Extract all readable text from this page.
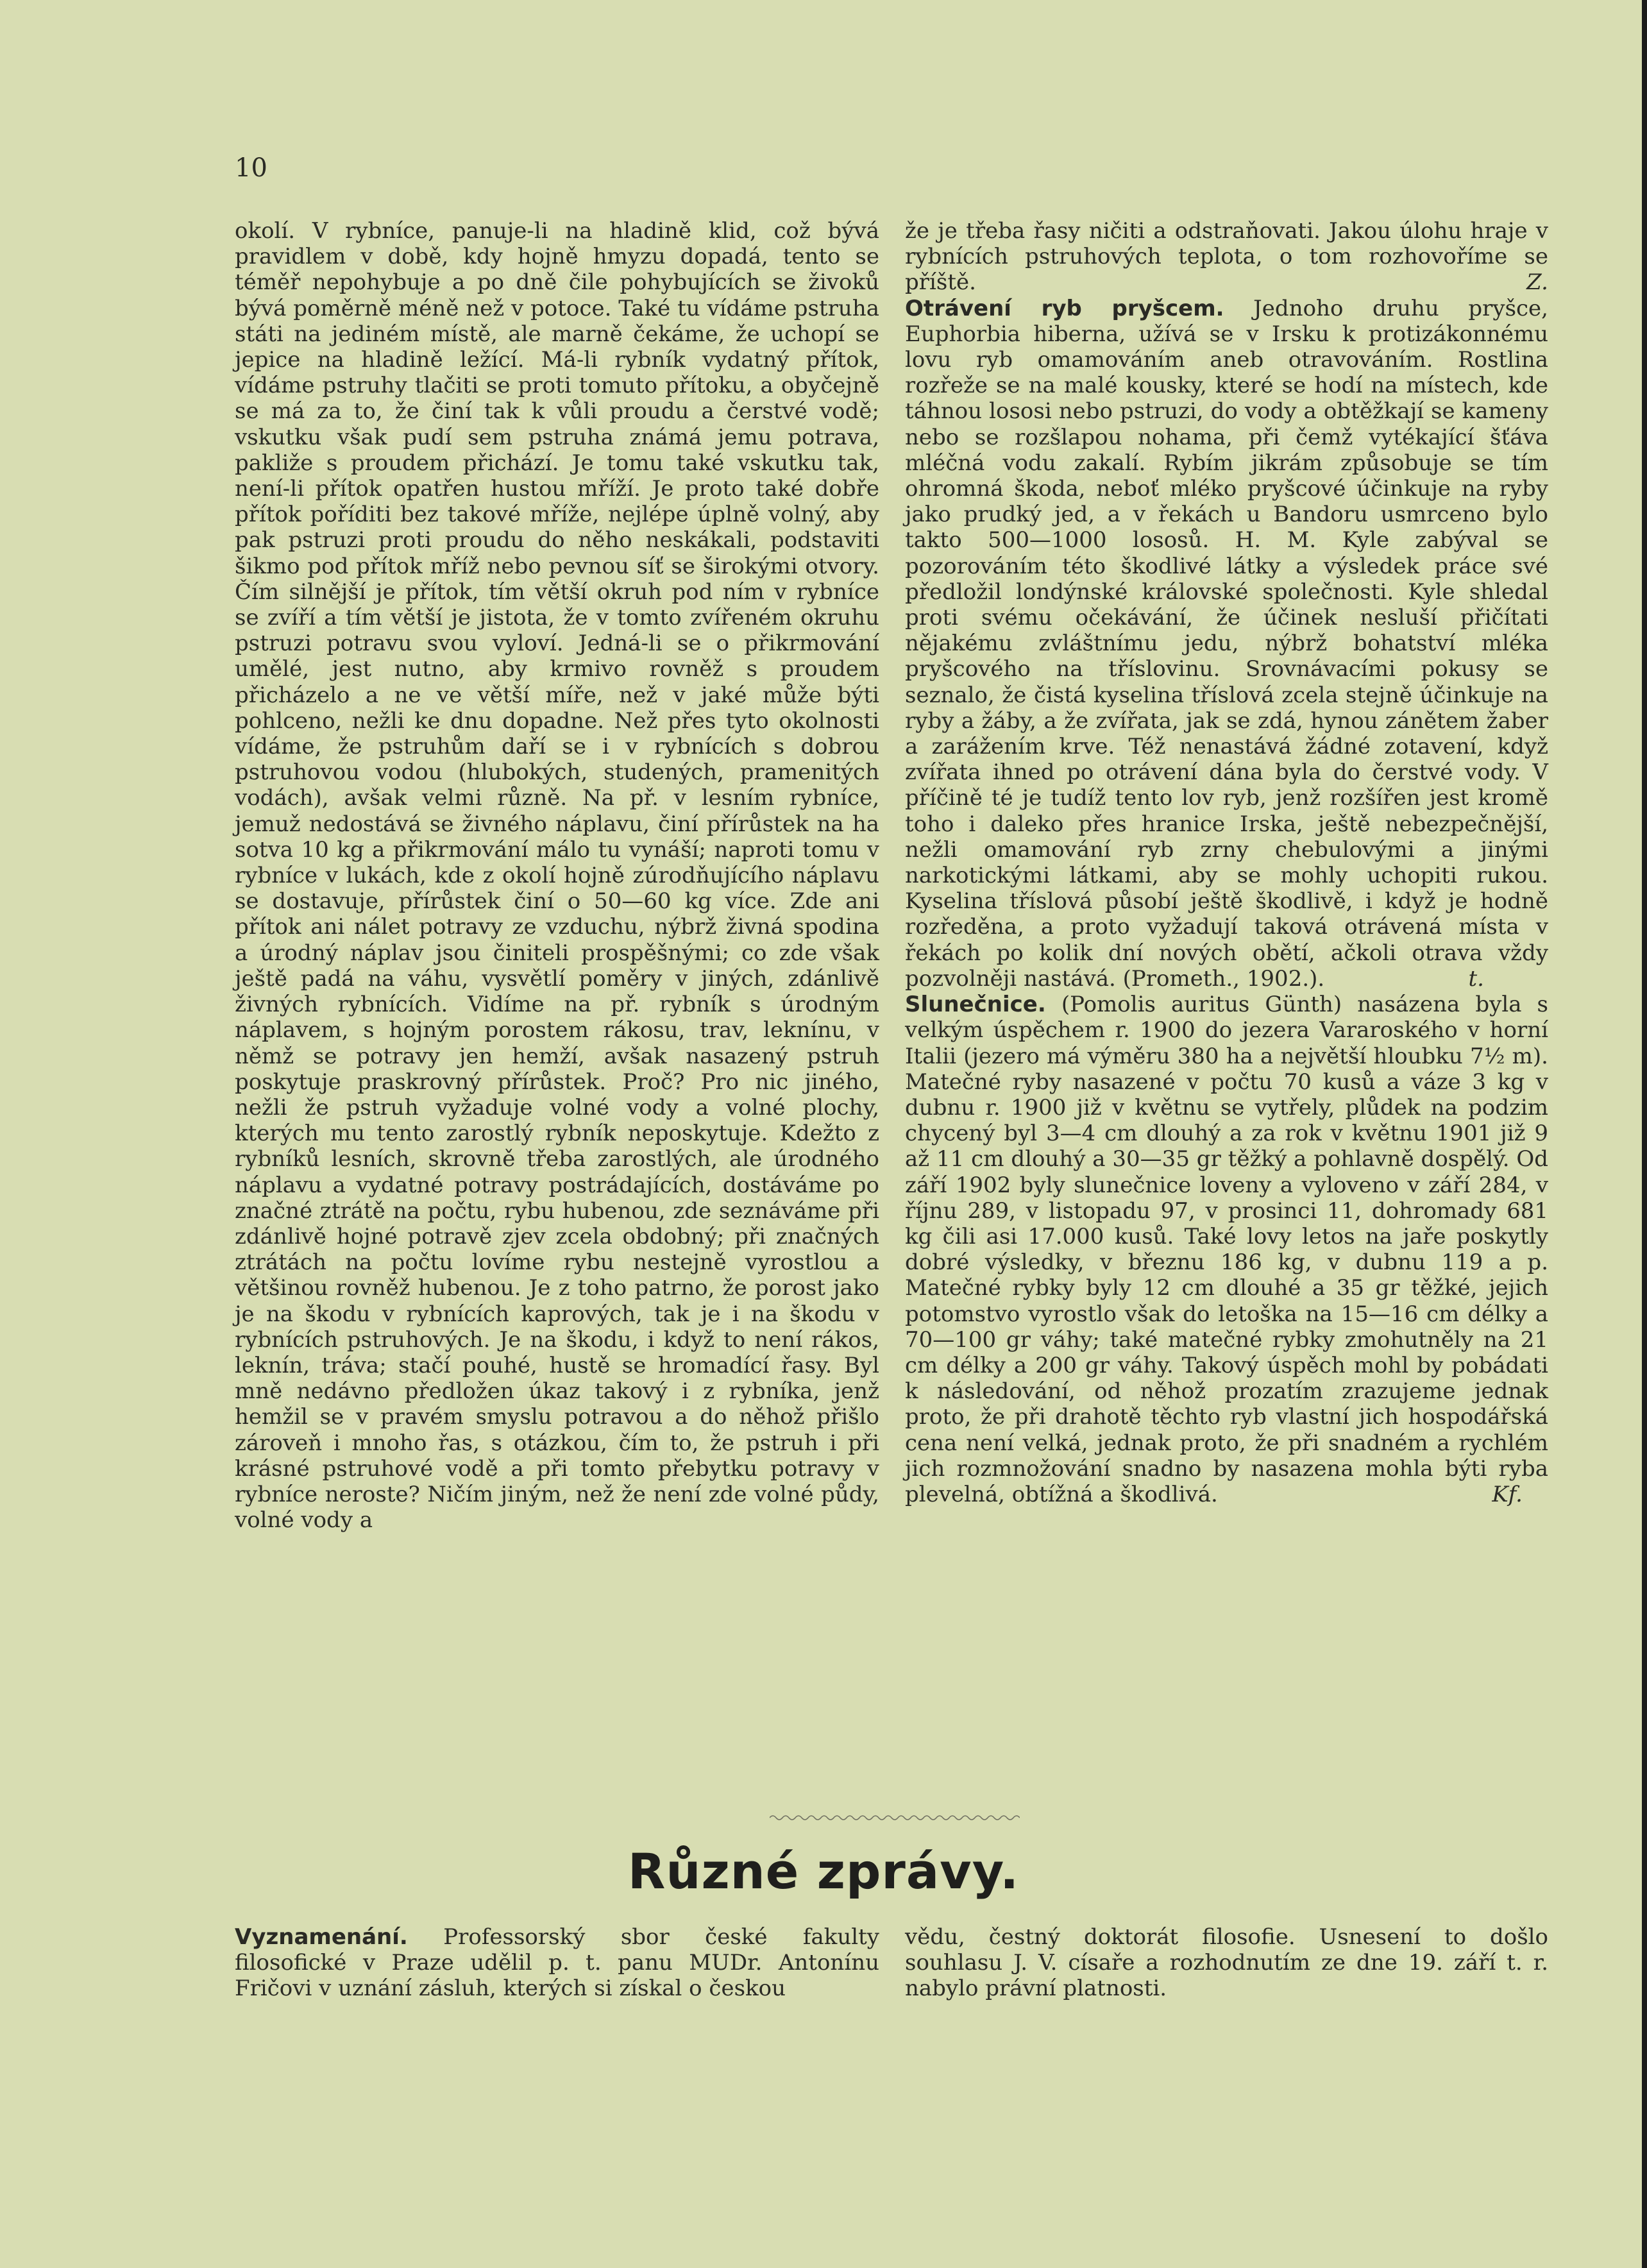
10

okolí. V rybníce, panuje-li na hladině klid, což bývá pravidlem v době, kdy hojně hmyzu dopadá, tento se téměř nepohybuje a po dně čile pohybujících se živoků bývá poměrně méně než v potoce. Také tu vídáme pstruha státi na jediném místě, ale marně čekáme, že uchopí se jepice na hladině ležící. Má-li rybník vydatný přítok, vídáme pstruhy tlačiti se proti tomuto přítoku, a obyčejně se má za to, že činí tak k vůli proudu a čerstvé vodě; vskutku však pudí sem pstruha známá jemu potrava, pakliže s proudem přichází. Je tomu také vskutku tak, není-li přítok opatřen hustou mříží. Je proto také dobře přítok poříditi bez takové mříže, nejlépe úplně volný, aby pak pstruzi proti proudu do něho neskákali, podstaviti šikmo pod přítok mříž nebo pevnou síť se širokými otvory. Čím silnější je přítok, tím větší okruh pod ním v rybníce se zvíří a tím větší je jistota, že v tomto zvířeném okruhu pstruzi potravu svou vyloví. Jedná-li se o přikrmování umělé, jest nutno, aby krmivo rovněž s proudem přicházelo a ne ve větší míře, než v jaké může býti pohlceno, nežli ke dnu dopadne. Než přes tyto okolnosti vídáme, že pstruhům daří se i v rybnících s dobrou pstruhovou vodou (hlubokých, studených, pramenitých vodách), avšak velmi různě. Na př. v lesním rybníce, jemuž nedostává se živného náplavu, činí přírůstek na ha sotva 10 kg a přikrmování málo tu vynáší; naproti tomu v rybníce v lukách, kde z okolí hojně zúrodňujícího náplavu se dostavuje, přírůstek činí o 50—60 kg více. Zde ani přítok ani nálet potravy ze vzduchu, nýbrž živná spodina a úrodný náplav jsou činiteli prospěšnými; co zde však ještě padá na váhu, vysvětlí poměry v jiných, zdánlivě živných rybnících. Vidíme na př. rybník s úrodným náplavem, s hojným porostem rákosu, trav, leknínu, v němž se potravy jen hemží, avšak nasazený pstruh poskytuje praskrovný přírůstek. Proč? Pro nic jiného, nežli že pstruh vyžaduje volné vody a volné plochy, kterých mu tento zarostlý rybník neposkytuje. Kdežto z rybníků lesních, skrovně třeba zarostlých, ale úrodného náplavu a vydatné potravy postrádajících, dostáváme po značné ztrátě na počtu, rybu hubenou, zde seznáváme při zdánlivě hojné potravě zjev zcela obdobný; při značných ztrátách na počtu lovíme rybu nestejně vyrostlou a většinou rovněž hubenou. Je z toho patrno, že porost jako je na škodu v rybnících kaprových, tak je i na škodu v rybnících pstruhových. Je na škodu, i když to není rákos, leknín, tráva; stačí pouhé, hustě se hromadící řasy. Byl mně nedávno předložen úkaz takový i z rybníka, jenž hemžil se v pravém smyslu potravou a do něhož přišlo zároveň i mnoho řas, s otázkou, čím to, že pstruh i při krásné pstruhové vodě a při tomto přebytku potravy v rybníce neroste? Ničím jiným, než že není zde volné půdy, volné vody a

že je třeba řasy ničiti a odstraňovati. Jakou úlohu hraje v rybnících pstruhových teplota, o tom rozhovoříme se příště.	Z.

Otrávení ryb pryšcem. Jednoho druhu pryšce, Euphorbia hiberna, užívá se v Irsku k protizákonnému lovu ryb omamováním aneb otravováním. Rostlina rozřeže se na malé kousky, které se hodí na místech, kde táhnou lososi nebo pstruzi, do vody a obtěžkají se kameny nebo se rozšlapou nohama, při čemž vytékající šťáva mléčná vodu zakalí. Rybím jikrám způsobuje se tím ohromná škoda, neboť mléko pryšcové účinkuje na ryby jako prudký jed, a v řekách u Bandoru usmrceno bylo takto 500—1000 lososů. H. M. Kyle zabýval se pozorováním této škodlivé látky a výsledek práce své předložil londýnské královské společnosti. Kyle shledal proti svému očekávání, že účinek nesluší přičítati nějakému zvláštnímu jedu, nýbrž bohatství mléka pryšcového na tříslovinu. Srovnávacími pokusy se seznalo, že čistá kyselina tříslová zcela stejně účinkuje na ryby a žáby, a že zvířata, jak se zdá, hynou zánětem žaber a zarážením krve. Též nenastává žádné zotavení, když zvířata ihned po otrávení dána byla do čerstvé vody. V příčině té je tudíž tento lov ryb, jenž rozšířen jest kromě toho i daleko přes hranice Irska, ještě nebezpečnější, nežli omamování ryb zrny chebulovými a jinými narkotickými látkami, aby se mohly uchopiti rukou. Kyselina tříslová působí ještě škodlivě, i když je hodně rozředěna, a proto vyžadují taková otrávená místa v řekách po kolik dní nových obětí, ačkoli otrava vždy pozvolněji nastává. (Prometh., 1902.).	t.

Slunečnice. (Pomolis auritus Günth) nasázena byla s velkým úspěchem r. 1900 do jezera Vararoského v horní Italii (jezero má výměru 380 ha a největší hloubku 7½ m). Matečné ryby nasazené v počtu 70 kusů a váze 3 kg v dubnu r. 1900 již v květnu se vytřely, plůdek na podzim chycený byl 3—4 cm dlouhý a za rok v květnu 1901 již 9 až 11 cm dlouhý a 30—35 gr těžký a pohlavně dospělý. Od září 1902 byly slunečnice loveny a vyloveno v září 284, v říjnu 289, v listopadu 97, v prosinci 11, dohromady 681 kg čili asi 17.000 kusů. Také lovy letos na jaře poskytly dobré výsledky, v březnu 186 kg, v dubnu 119 a p. Matečné rybky byly 12 cm dlouhé a 35 gr těžké, jejich potomstvo vyrostlo však do letoška na 15—16 cm délky a 70—100 gr váhy; také matečné rybky zmohutněly na 21 cm délky a 200 gr váhy. Takový úspěch mohl by pobádati k následování, od něhož prozatím zrazujeme jednak proto, že při drahotě těchto ryb vlastní jich hospodářská cena není velká, jednak proto, že při snadném a rychlém jich rozmnožování snadno by nasazena mohla býti ryba plevelná, obtížná a škodlivá.	Kf.

Různé zprávy.

Vyznamenání. Professorský sbor české fakulty filosofické v Praze udělil p. t. panu MUDr. Antonínu Fričovi v uznání zásluh, kterých si získal o českou

vědu, čestný doktorát filosofie. Usnesení to došlo souhlasu J. V. císaře a rozhodnutím ze dne 19. září t. r. nabylo právní platnosti.
